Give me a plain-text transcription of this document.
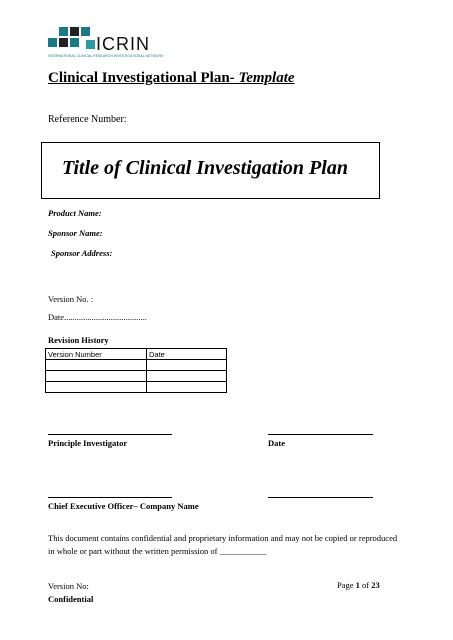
ICRIN
INTERNATIONAL CLINICAL RESEARCH INVESTIGATIONAL NETWORK
Clinical Investigational Plan- Template
Reference Number:
Title of Clinical Investigation Plan
Product Name:
Sponsor Name:
Sponsor Address:
Version No. :
Date.......................................
Revision History
Version Number	Date

Principle Investigator	Date
Chief Executive Officer– Company Name
This document contains confidential and proprietary information and may not be copied or reproduced in whole or part without the written permission of ___________
Version No:
Confidential
Page 1 of 23
